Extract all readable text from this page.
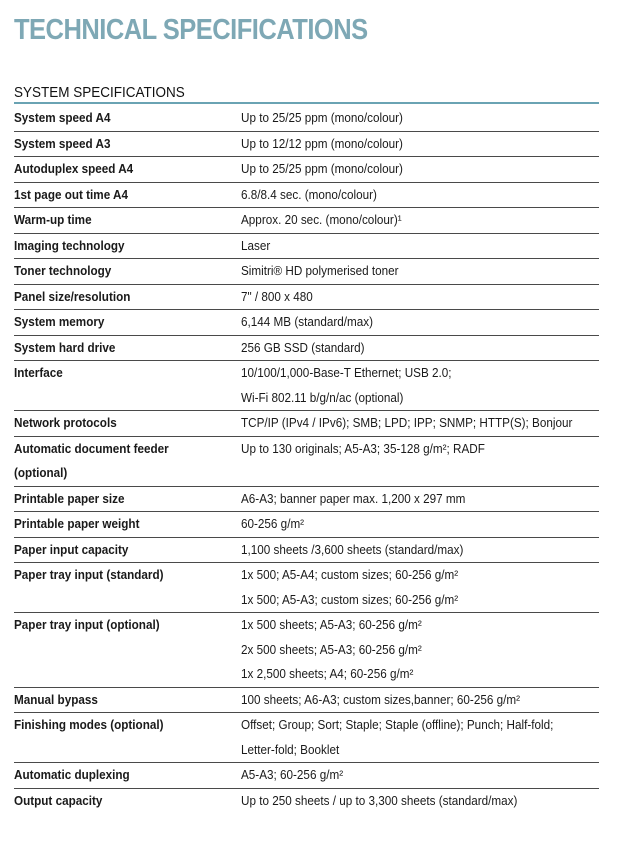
TECHNICAL SPECIFICATIONS
SYSTEM SPECIFICATIONS
System speed A4	Up to 25/25 ppm (mono/colour)

System speed A3	Up to 12/12 ppm (mono/colour)

Autoduplex speed A4	Up to 25/25 ppm (mono/colour)

1st page out time A4	6.8/8.4 sec. (mono/colour)

Warm-up time	Approx. 20 sec. (mono/colour)¹

Imaging technology	Laser

Toner technology	Simitri® HD polymerised toner

Panel size/resolution	7" / 800 x 480

System memory	6,144 MB (standard/max)

System hard drive	256 GB SSD (standard)

Interface	10/100/1,000-Base-T Ethernet; USB 2.0;
Wi-Fi 802.11 b/g/n/ac (optional)

Network protocols	TCP/IP (IPv4 / IPv6); SMB; LPD; IPP; SNMP; HTTP(S); Bonjour

Automatic document feeder
(optional)	Up to 130 originals; A5-A3; 35-128 g/m²; RADF

Printable paper size	A6-A3; banner paper max. 1,200 x 297 mm

Printable paper weight	60-256 g/m²

Paper input capacity	1,100 sheets /3,600 sheets (standard/max)

Paper tray input (standard)	1x 500; A5-A4; custom sizes; 60-256 g/m²
1x 500; A5-A3; custom sizes; 60-256 g/m²

Paper tray input (optional)	1x 500 sheets; A5-A3; 60-256 g/m²
2x 500 sheets; A5-A3; 60-256 g/m²
1x 2,500 sheets; A4; 60-256 g/m²

Manual bypass	100 sheets; A6-A3; custom sizes,banner; 60-256 g/m²

Finishing modes (optional)	Offset; Group; Sort; Staple; Staple (offline); Punch; Half-fold;
Letter-fold; Booklet

Automatic duplexing	A5-A3; 60-256 g/m²

Output capacity	Up to 250 sheets / up to 3,300 sheets (standard/max)
